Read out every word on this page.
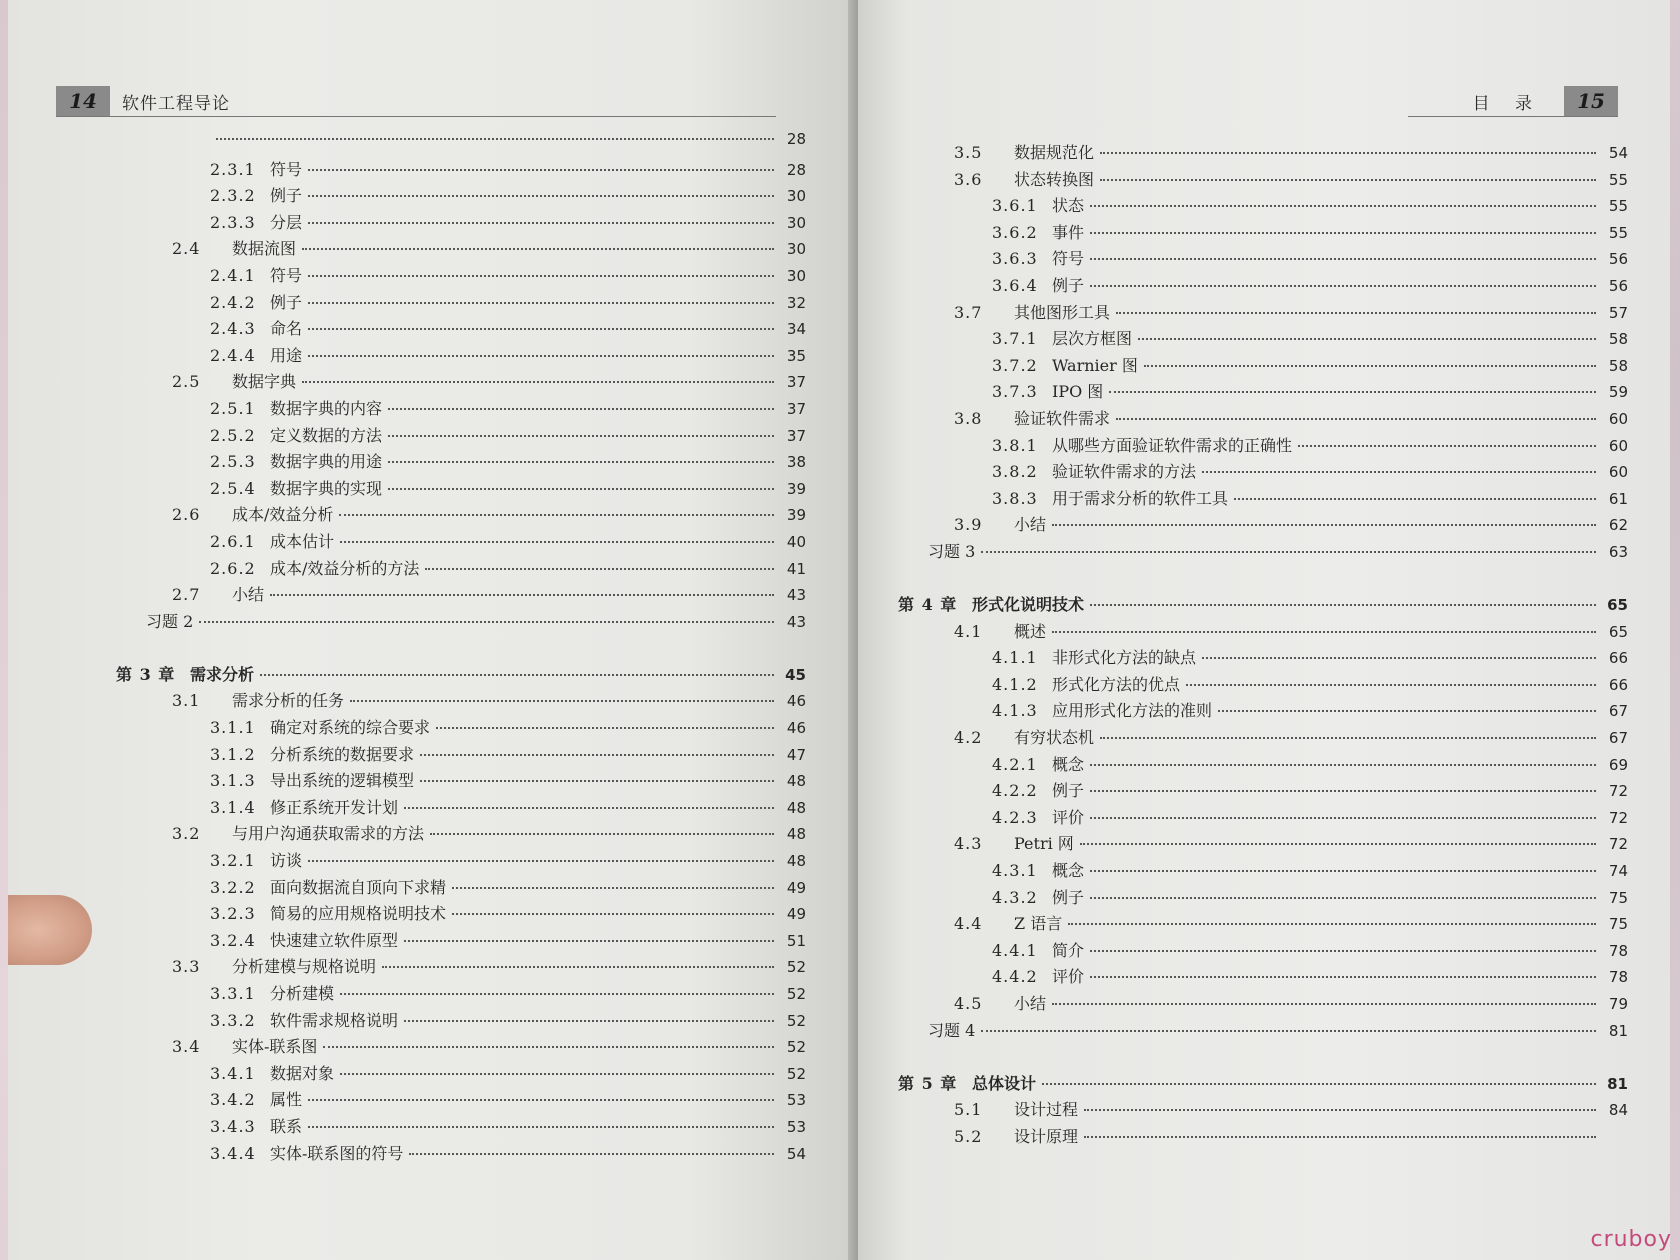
14	软件工程导论
28
2.3.1 符号	28
2.3.2 例子	30
2.3.3 分层	30
2.4	数据流图	30
2.4.1 符号	30
2.4.2 例子	32
2.4.3 命名	34
2.4.4 用途	35
2.5	数据字典	37
2.5.1 数据字典的内容	37
2.5.2 定义数据的方法	37
2.5.3 数据字典的用途	38
2.5.4 数据字典的实现	39
2.6	成本/效益分析	39
2.6.1 成本估计	40
2.6.2 成本/效益分析的方法	41
2.7	小结	43
习题 2	43
第 3 章 需求分析	45
3.1	需求分析的任务	46
3.1.1 确定对系统的综合要求	46
3.1.2 分析系统的数据要求	47
3.1.3 导出系统的逻辑模型	48
3.1.4 修正系统开发计划	48
3.2	与用户沟通获取需求的方法	48
3.2.1 访谈	48
3.2.2 面向数据流自顶向下求精	49
3.2.3 简易的应用规格说明技术	49
3.2.4 快速建立软件原型	51
3.3	分析建模与规格说明	52
3.3.1 分析建模	52
3.3.2 软件需求规格说明	52
3.4	实体-联系图	52
3.4.1 数据对象	52
3.4.2 属性	53
3.4.3 联系	53
3.4.4 实体-联系图的符号	54
目 录	15
3.5	数据规范化	54
3.6	状态转换图	55
3.6.1 状态	55
3.6.2 事件	55
3.6.3 符号	56
3.6.4 例子	56
3.7	其他图形工具	57
3.7.1 层次方框图	58
3.7.2 Warnier 图	58
3.7.3 IPO 图	59
3.8	验证软件需求	60
3.8.1 从哪些方面验证软件需求的正确性	60
3.8.2 验证软件需求的方法	60
3.8.3 用于需求分析的软件工具	61
3.9	小结	62
习题 3	63
第 4 章 形式化说明技术	65
4.1	概述	65
4.1.1 非形式化方法的缺点	66
4.1.2 形式化方法的优点	66
4.1.3 应用形式化方法的准则	67
4.2	有穷状态机	67
4.2.1 概念	69
4.2.2 例子	72
4.2.3 评价	72
4.3	Petri 网	72
4.3.1 概念	74
4.3.2 例子	75
4.4	Z 语言	75
4.4.1 简介	78
4.4.2 评价	78
4.5	小结	79
习题 4	81
第 5 章 总体设计	81
5.1	设计过程	84
5.2	设计原理
cruboy
